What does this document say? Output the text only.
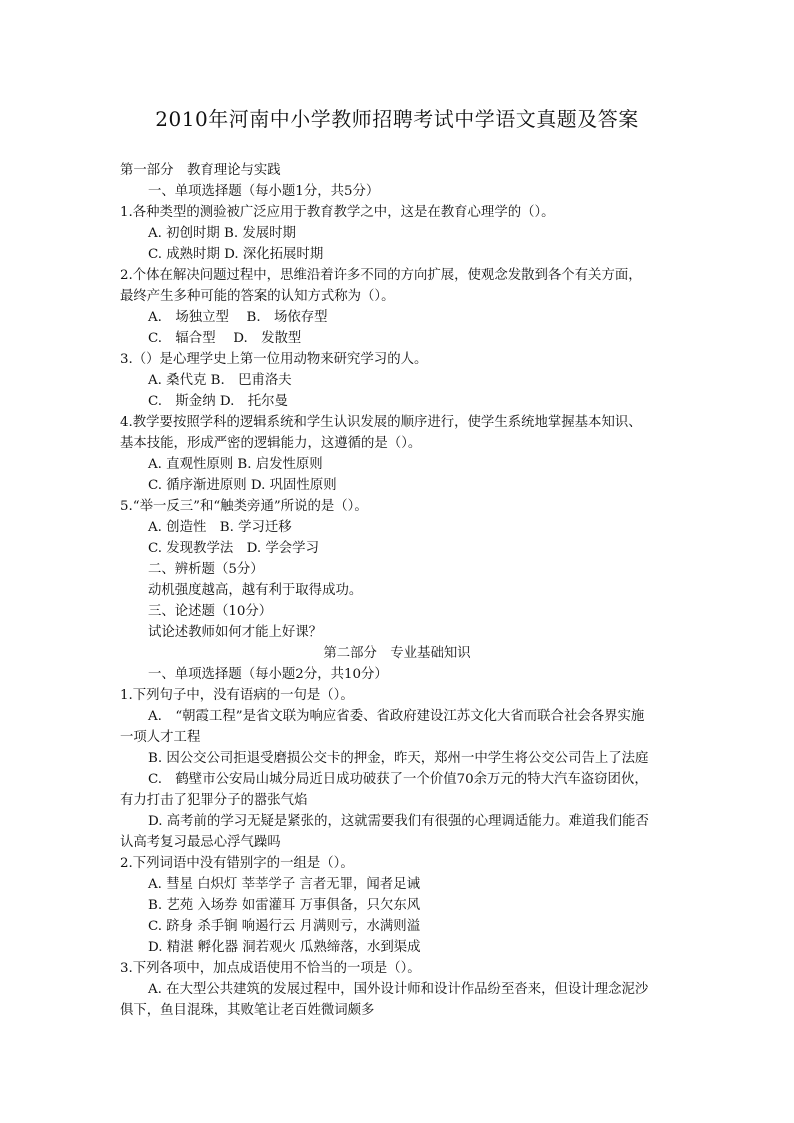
2010年河南中小学教师招聘考试中学语文真题及答案
第一部分　教育理论与实践
一、单项选择题（每小题1分，共5分）
1.各种类型的测验被广泛应用于教育教学之中，这是在教育心理学的（）。
A. 初创时期 B. 发展时期
C. 成熟时期 D. 深化拓展时期
2.个体在解决问题过程中，思维沿着许多不同的方向扩展，使观念发散到各个有关方面，
最终产生多种可能的答案的认知方式称为（）。
A.　场独立型　 B.　场依存型
C.　辐合型　 D.　发散型
3.（）是心理学史上第一位用动物来研究学习的人。
A. 桑代克 B.　巴甫洛夫
C.　斯金纳 D.　托尔曼
4.教学要按照学科的逻辑系统和学生认识发展的顺序进行，使学生系统地掌握基本知识、
基本技能，形成严密的逻辑能力，这遵循的是（）。
A. 直观性原则 B. 启发性原则
C. 循序渐进原则 D. 巩固性原则
5.“举一反三”和“触类旁通”所说的是（）。
A. 创造性　B. 学习迁移
C. 发现教学法　D. 学会学习
二、辨析题（5分）
动机强度越高，越有利于取得成功。
三、论述题（10分）
试论述教师如何才能上好课？
第二部分　专业基础知识
一、单项选择题（每小题2分，共10分）
1.下列句子中，没有语病的一句是（）。
A.　“朝霞工程”是省文联为响应省委、省政府建设江苏文化大省而联合社会各界实施
一项人才工程
B. 因公交公司拒退受磨损公交卡的押金，昨天，郑州一中学生将公交公司告上了法庭
C.　鹤壁市公安局山城分局近日成功破获了一个价值70余万元的特大汽车盗窃团伙，
有力打击了犯罪分子的嚣张气焰
D. 高考前的学习无疑是紧张的，这就需要我们有很强的心理调适能力。难道我们能否
认高考复习最忌心浮气躁吗
2.下列词语中没有错别字的一组是（）。
A. 彗星 白炽灯 莘莘学子 言者无罪，闻者足诫
B. 艺苑 入场券 如雷灌耳 万事俱备，只欠东风
C. 跻身 杀手锏 响遏行云 月满则亏，水满则溢
D. 精湛 孵化器 洞若观火 瓜熟缔落，水到渠成
3.下列各项中，加点成语使用不恰当的一项是（）。
A. 在大型公共建筑的发展过程中，国外设计师和设计作品纷至沓来，但设计理念泥沙
俱下，鱼目混珠，其败笔让老百姓微词颇多
